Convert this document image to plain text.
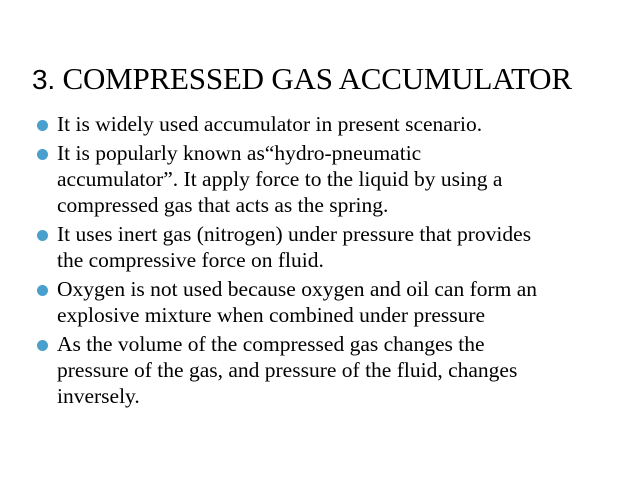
3. COMPRESSED GAS ACCUMULATOR
It is widely used accumulator in present scenario.
It is popularly known as“hydro-pneumatic
accumulator”. It apply force to the liquid by using a
compressed gas that acts as the spring.
It uses inert gas (nitrogen) under pressure that provides
the compressive force on fluid.
Oxygen is not used because oxygen and oil can form an
explosive mixture when combined under pressure
As the volume of the compressed gas changes the
pressure of the gas, and pressure of the fluid, changes
inversely.
